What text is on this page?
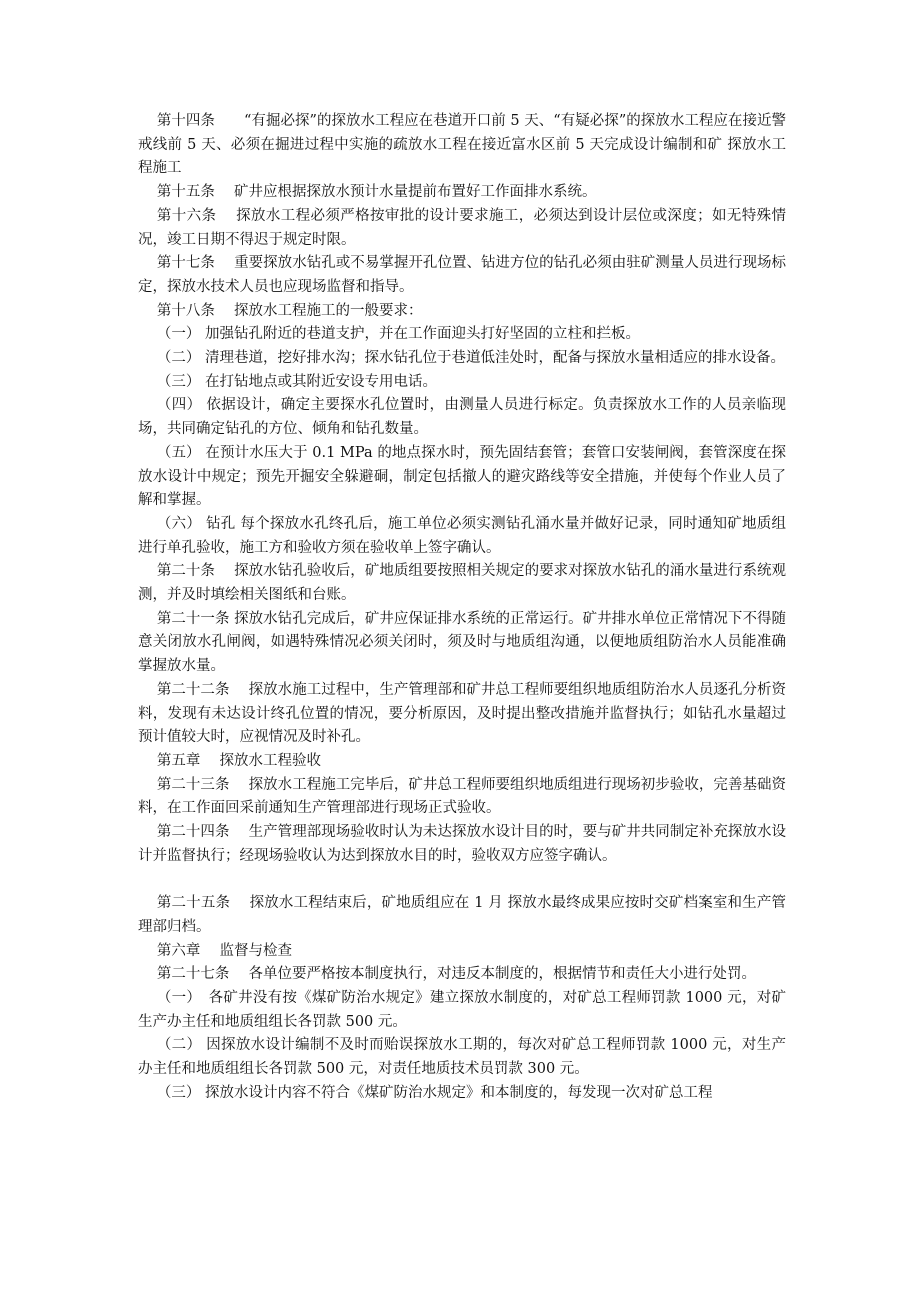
第十四条　　“有掘必探”的探放水工程应在巷道开口前 5 天、“有疑必探”的探放水工程应在接近警戒线前 5 天、必须在掘进过程中实施的疏放水工程在接近富水区前 5 天完成设计编制和矿 探放水工程施工

第十五条　 矿井应根据探放水预计水量提前布置好工作面排水系统。

第十六条　 探放水工程必须严格按审批的设计要求施工，必须达到设计层位或深度；如无特殊情况，竣工日期不得迟于规定时限。

第十七条　 重要探放水钻孔或不易掌握开孔位置、钻进方位的钻孔必须由驻矿测量人员进行现场标定，探放水技术人员也应现场监督和指导。

第十八条　 探放水工程施工的一般要求：

（一） 加强钻孔附近的巷道支护，并在工作面迎头打好坚固的立柱和拦板。

（二） 清理巷道，挖好排水沟；探水钻孔位于巷道低洼处时，配备与探放水量相适应的排水设备。

（三） 在打钻地点或其附近安设专用电话。

（四） 依据设计，确定主要探水孔位置时，由测量人员进行标定。负责探放水工作的人员亲临现场，共同确定钻孔的方位、倾角和钻孔数量。

（五） 在预计水压大于 0.1 MPa 的地点探水时，预先固结套管；套管口安装闸阀，套管深度在探放水设计中规定；预先开掘安全躲避硐，制定包括撤人的避灾路线等安全措施，并使每个作业人员了解和掌握。

（六） 钻孔 每个探放水孔终孔后，施工单位必须实测钻孔涌水量并做好记录，同时通知矿地质组进行单孔验收，施工方和验收方须在验收单上签字确认。

第二十条　 探放水钻孔验收后，矿地质组要按照相关规定的要求对探放水钻孔的涌水量进行系统观测，并及时填绘相关图纸和台账。

第二十一条 探放水钻孔完成后，矿井应保证排水系统的正常运行。矿井排水单位正常情况下不得随意关闭放水孔闸阀，如遇特殊情况必须关闭时，须及时与地质组沟通，以便地质组防治水人员能准确掌握放水量。

第二十二条　 探放水施工过程中，生产管理部和矿井总工程师要组织地质组防治水人员逐孔分析资料，发现有未达设计终孔位置的情况，要分析原因，及时提出整改措施并监督执行；如钻孔水量超过预计值较大时，应视情况及时补孔。

第五章　 探放水工程验收

第二十三条　 探放水工程施工完毕后，矿井总工程师要组织地质组进行现场初步验收，完善基础资料，在工作面回采前通知生产管理部进行现场正式验收。

第二十四条　 生产管理部现场验收时认为未达探放水设计目的时，要与矿井共同制定补充探放水设计并监督执行；经现场验收认为达到探放水目的时，验收双方应签字确认。

第二十五条　 探放水工程结束后，矿地质组应在 1 月 探放水最终成果应按时交矿档案室和生产管理部归档。

第六章　 监督与检查

第二十七条　 各单位要严格按本制度执行，对违反本制度的，根据情节和责任大小进行处罚。

（一）　各矿井没有按《煤矿防治水规定》建立探放水制度的，对矿总工程师罚款 1000 元，对矿生产办主任和地质组组长各罚款 500 元。

（二） 因探放水设计编制不及时而贻误探放水工期的，每次对矿总工程师罚款 1000 元，对生产办主任和地质组组长各罚款 500 元，对责任地质技术员罚款 300 元。

（三） 探放水设计内容不符合《煤矿防治水规定》和本制度的，每发现一次对矿总工程
